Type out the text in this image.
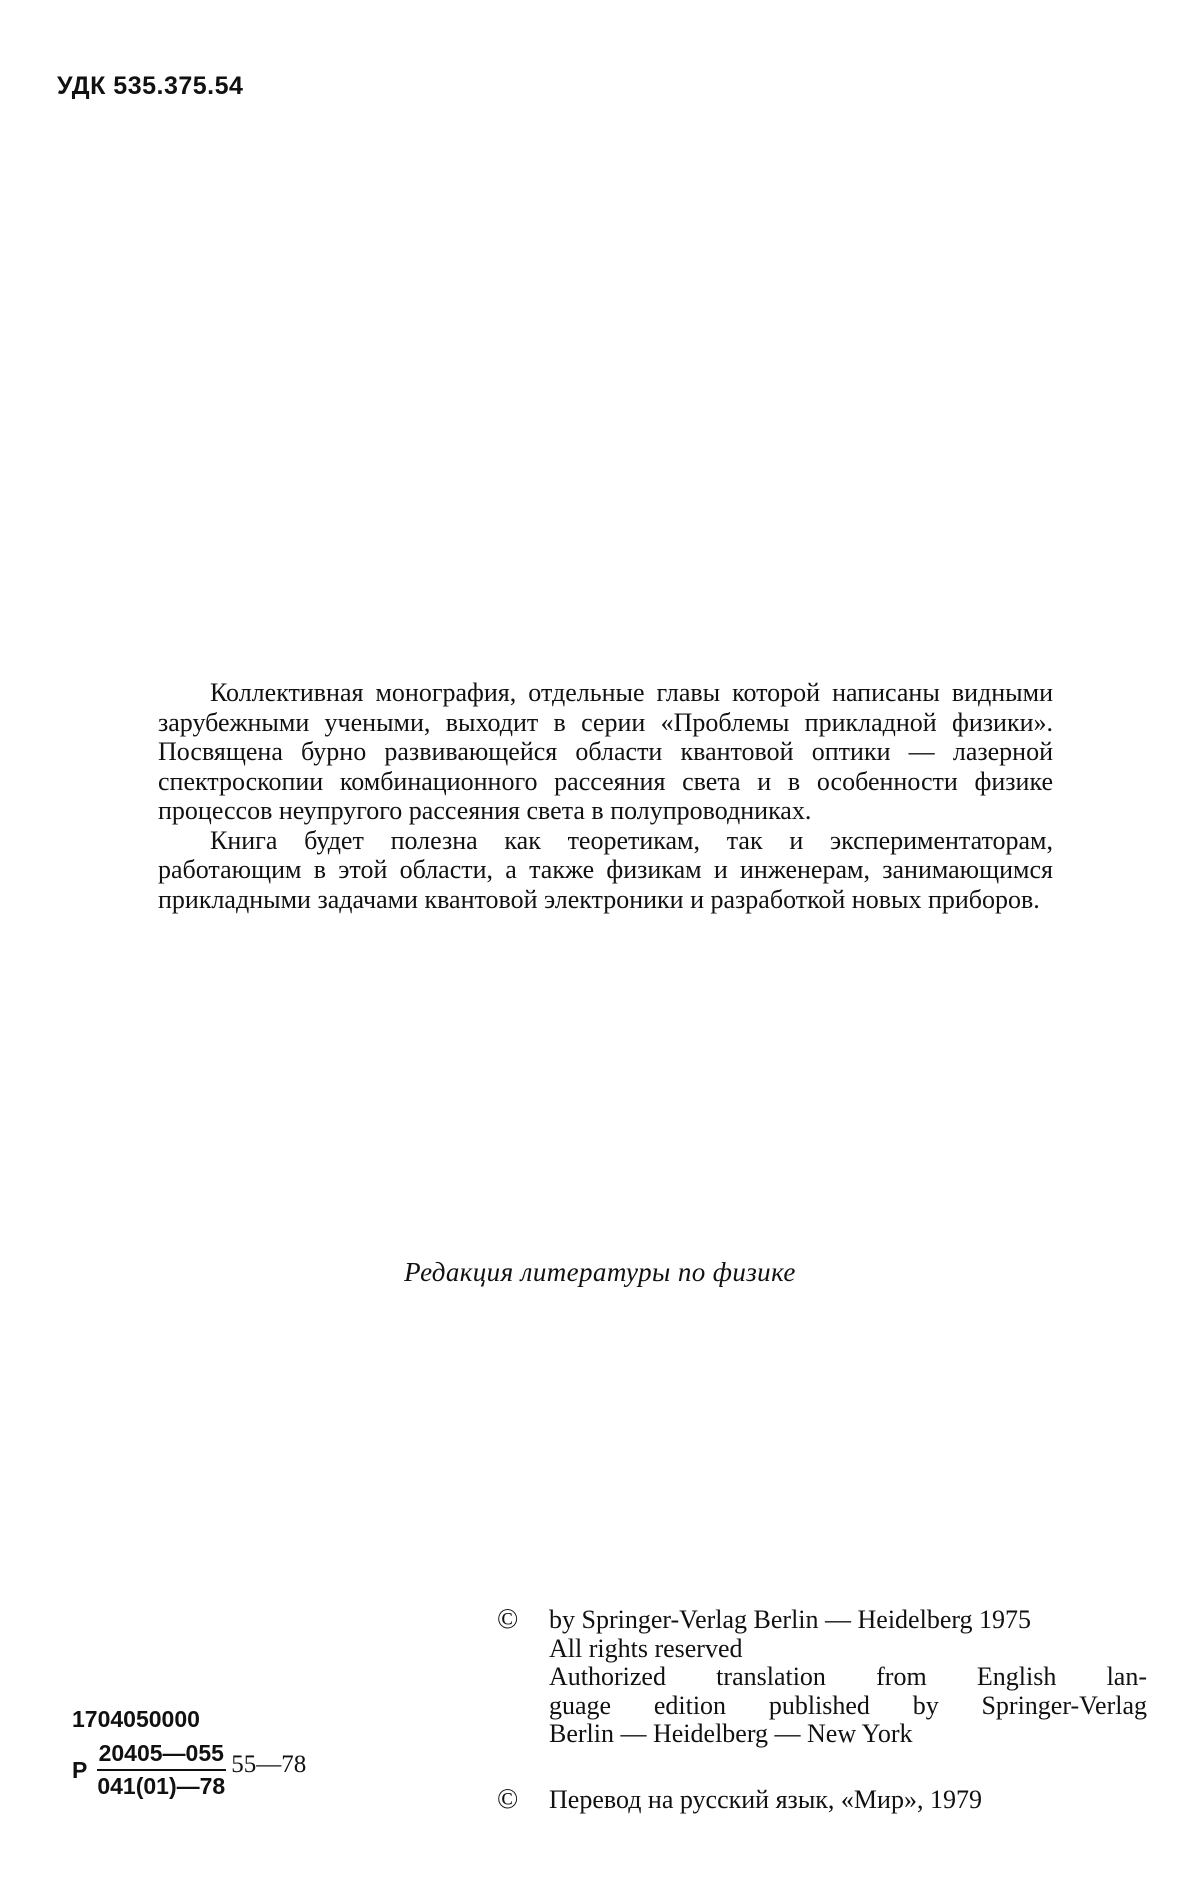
УДК 535.375.54

Коллективная монография, отдельные главы которой написаны видными зарубежными учеными, выходит в серии «Проблемы прикладной физики». Посвящена бурно развивающейся области квантовой оптики — лазерной спектроскопии комбинационного рассеяния света и в особенности физике процессов неупругого рассеяния света в полупроводниках.

Книга будет полезна как теоретикам, так и экспериментаторам, работающим в этой области, а также физикам и инженерам, занимающимся прикладными задачами квантовой электроники и разработкой новых приборов.

Редакция литературы по физике
©	by Springer-Verlag Berlin — Heidelberg 1975
All rights reserved
Authorized translation from English lan-
guage edition published by Springer-Verlag
Berlin — Heidelberg — New York
1704050000
Р $\frac{20405—055}{041(01)—78}$ 55—78
© Перевод на русский язык, «Мир», 1979
